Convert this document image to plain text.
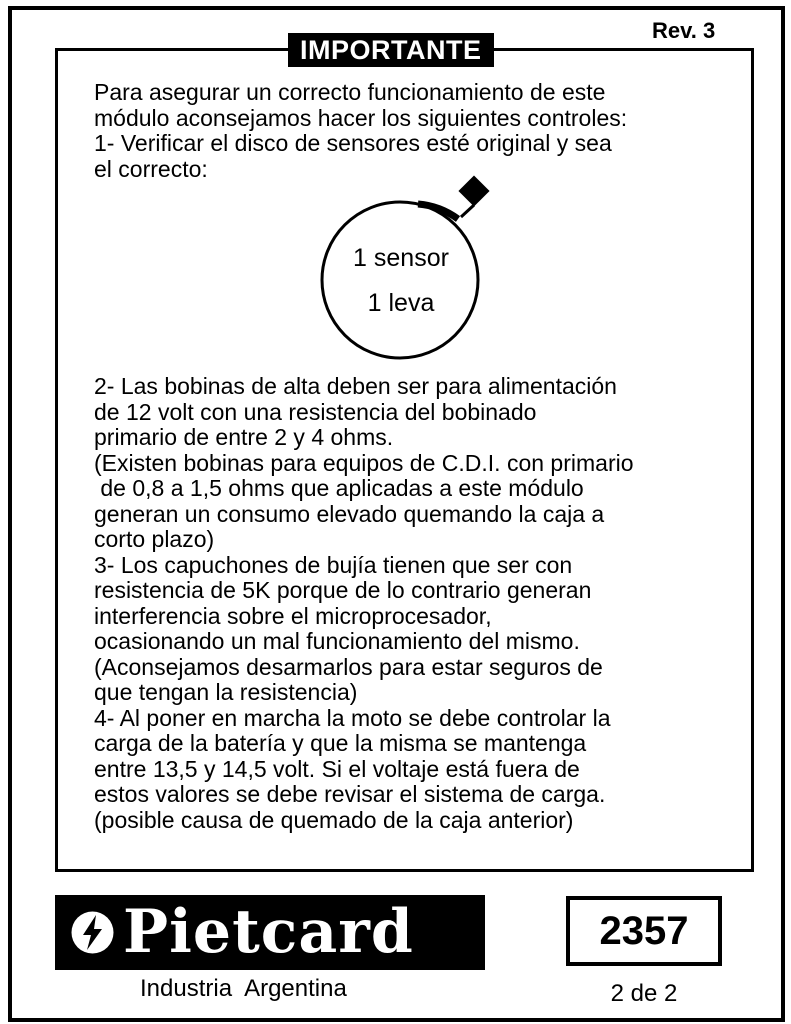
Rev. 3
IMPORTANTE
Para asegurar un correcto funcionamiento de este
módulo aconsejamos hacer los siguientes controles:
1- Verificar el disco de sensores esté original y sea
el correcto:
1 sensor
1 leva
2- Las bobinas de alta deben ser para alimentación
de 12 volt con una resistencia del bobinado
primario de entre 2 y 4 ohms.
(Existen bobinas para equipos de C.D.I. con primario
de 0,8 a 1,5 ohms que aplicadas a este módulo
generan un consumo elevado quemando la caja a
corto plazo)
3- Los capuchones de bujía tienen que ser con
resistencia de 5K porque de lo contrario generan
interferencia sobre el microprocesador,
ocasionando un mal funcionamiento del mismo.
(Aconsejamos desarmarlos para estar seguros de
que tengan la resistencia)
4- Al poner en marcha la moto se debe controlar la
carga de la batería y que la misma se mantenga
entre 13,5 y 14,5 volt. Si el voltaje está fuera de
estos valores se debe revisar el sistema de carga.
(posible causa de quemado de la caja anterior)
Pietcard
Industria  Argentina
2357
2 de 2
